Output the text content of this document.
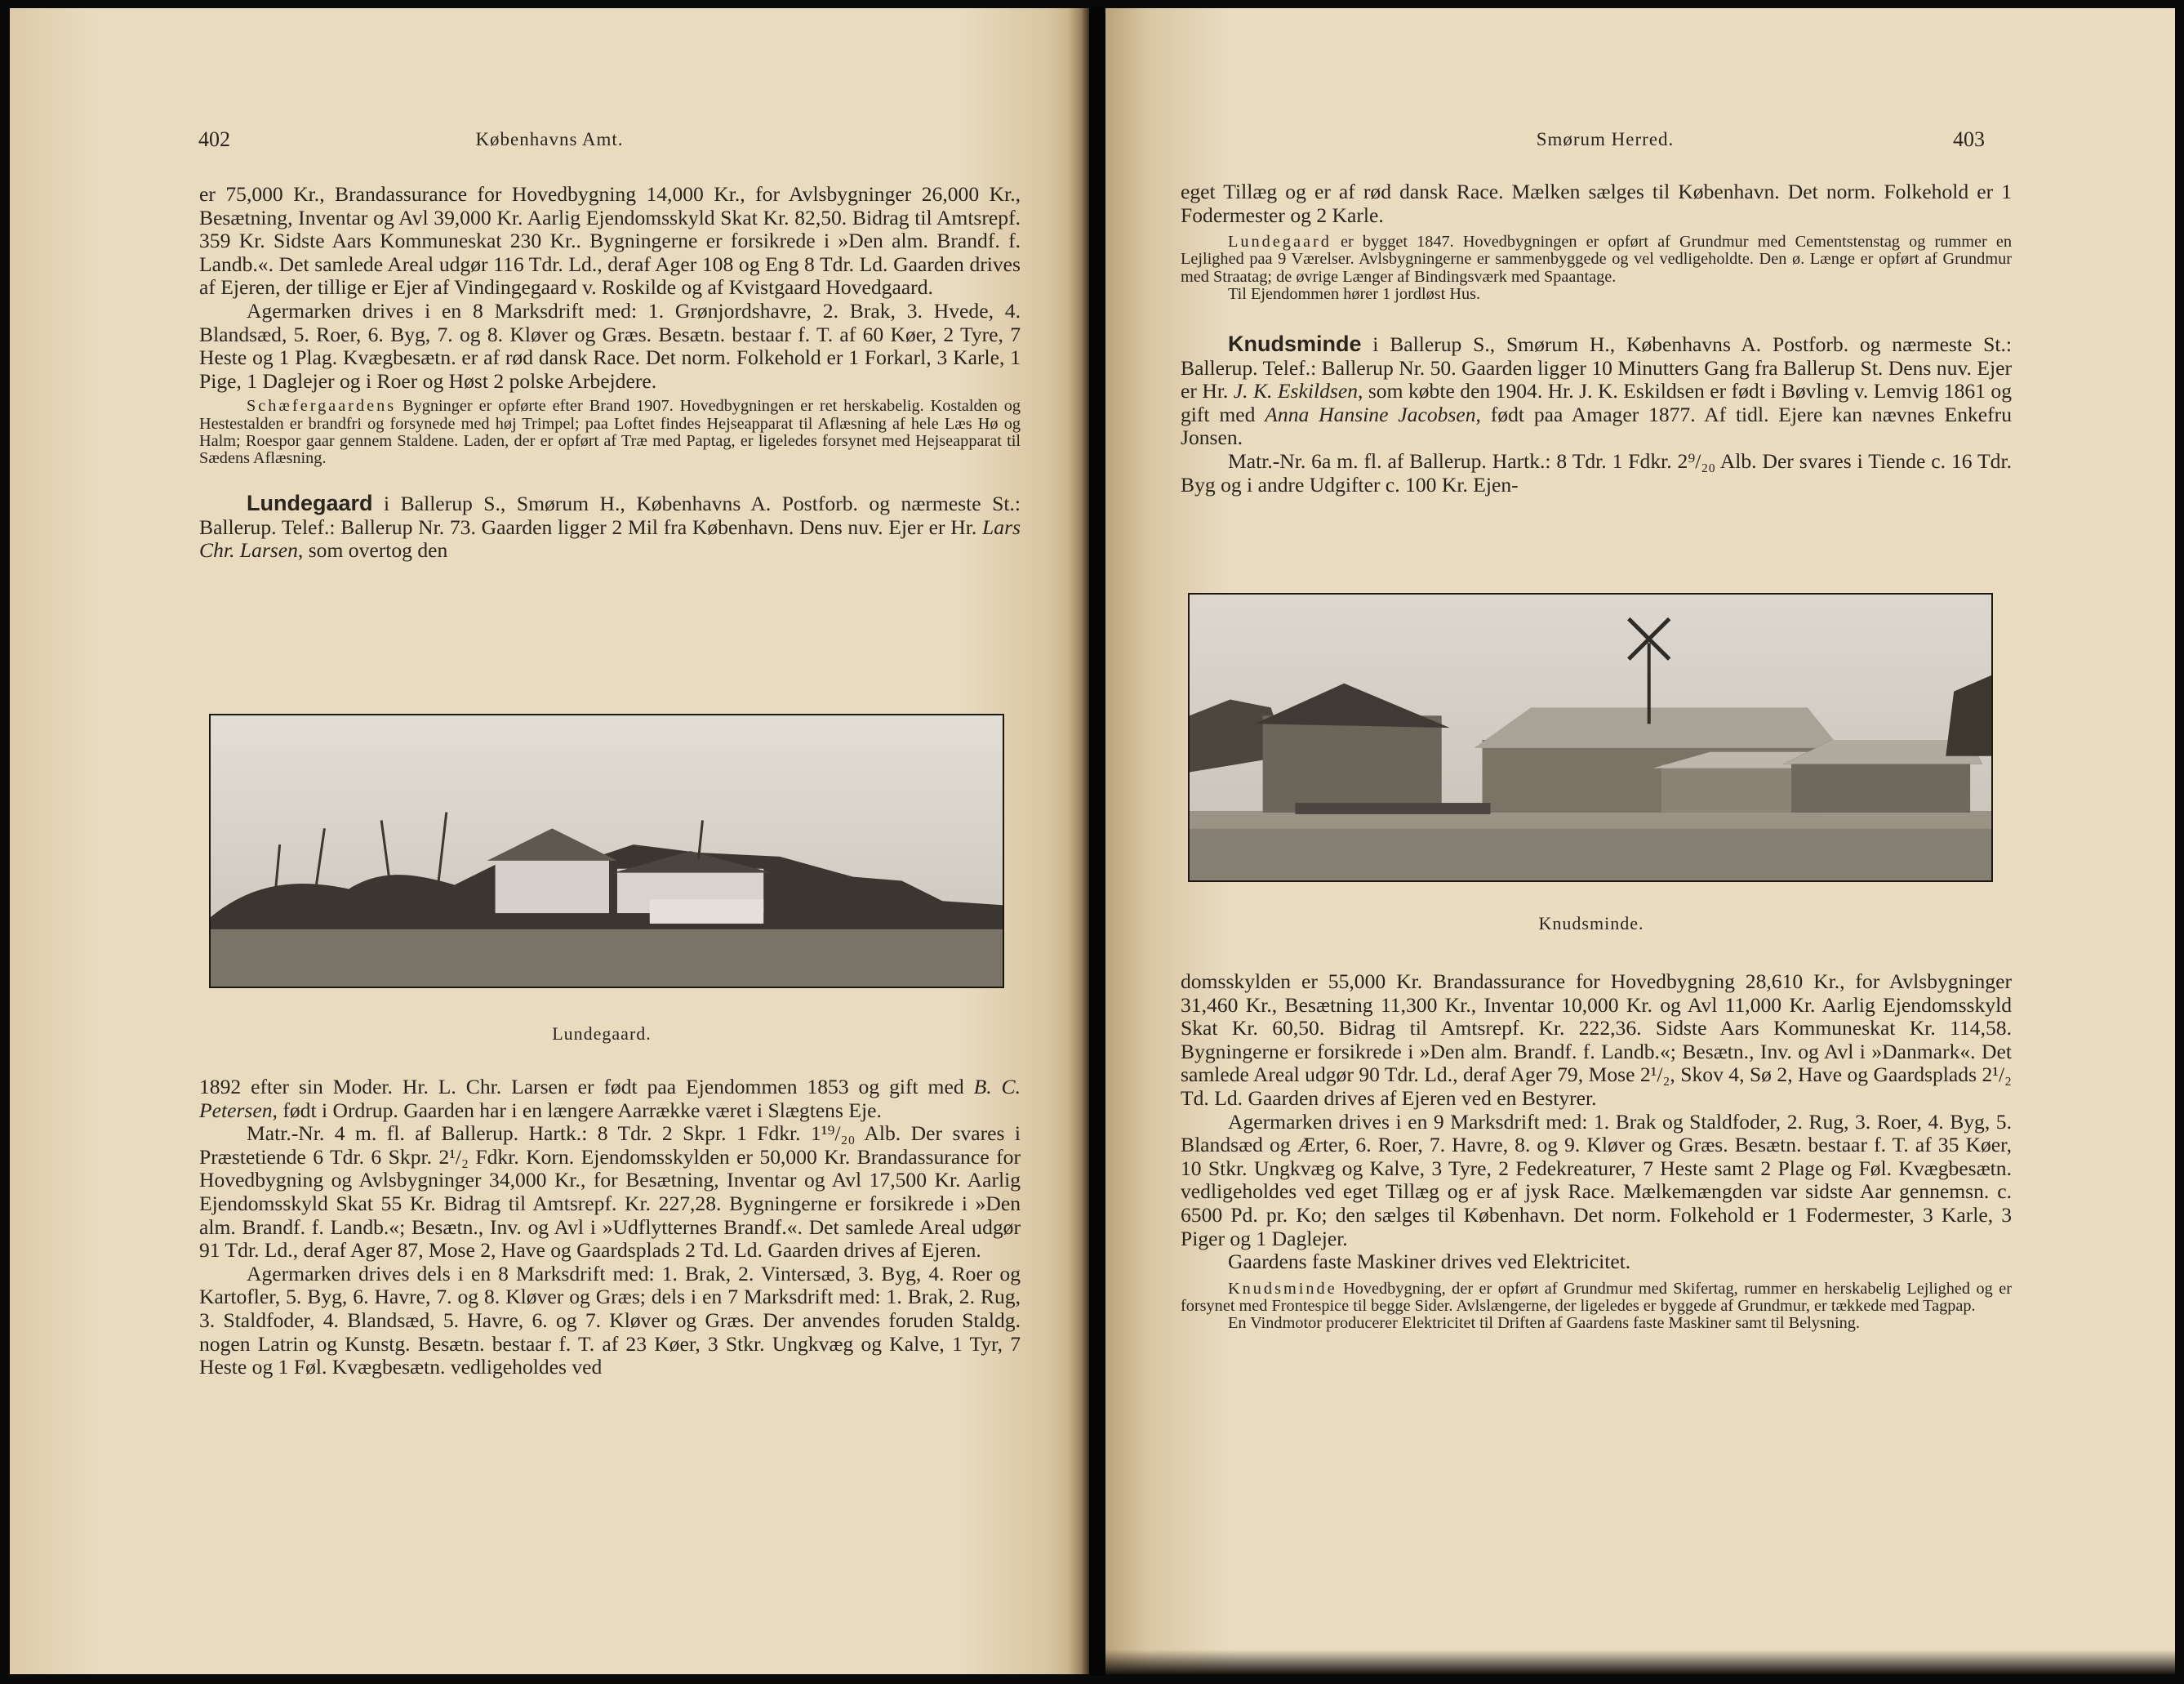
402	Københavns Amt.

er 75,000 Kr., Brandassurance for Hovedbygning 14,000 Kr., for Avlsbygninger 26,000 Kr., Besætning, Inventar og Avl 39,000 Kr. Aarlig Ejendomsskyld Skat Kr. 82,50. Bidrag til Amtsrepf. 359 Kr. Sidste Aars Kommuneskat 230 Kr.. Bygningerne er forsikrede i »Den alm. Brandf. f. Landb.«. Det samlede Areal udgør 116 Tdr. Ld., deraf Ager 108 og Eng 8 Tdr. Ld. Gaarden drives af Ejeren, der tillige er Ejer af Vindingegaard v. Roskilde og af Kvistgaard Hovedgaard.

Agermarken drives i en 8 Marksdrift med: 1. Grønjordshavre, 2. Brak, 3. Hvede, 4. Blandsæd, 5. Roer, 6. Byg, 7. og 8. Kløver og Græs. Besætn. bestaar f. T. af 60 Køer, 2 Tyre, 7 Heste og 1 Plag. Kvægbesætn. er af rød dansk Race. Det norm. Folkehold er 1 Forkarl, 3 Karle, 1 Pige, 1 Daglejer og i Roer og Høst 2 polske Arbejdere.

Schæfergaardens Bygninger er opførte efter Brand 1907. Hovedbygningen er ret herskabelig. Kostalden og Hestestalden er brandfri og forsynede med høj Trimpel; paa Loftet findes Hejseapparat til Aflæsning af hele Læs Hø og Halm; Roespor gaar gennem Staldene. Laden, der er opført af Træ med Paptag, er ligeledes forsynet med Hejseapparat til Sædens Aflæsning.

Lundegaard i Ballerup S., Smørum H., Københavns A. Postforb. og nærmeste St.: Ballerup. Telef.: Ballerup Nr. 73. Gaarden ligger 2 Mil fra København. Dens nuv. Ejer er Hr. Lars Chr. Larsen, som overtog den

Lundegaard.

1892 efter sin Moder. Hr. L. Chr. Larsen er født paa Ejendommen 1853 og gift med B. C. Petersen, født i Ordrup. Gaarden har i en længere Aarrække været i Slægtens Eje.

Matr.-Nr. 4 m. fl. af Ballerup. Hartk.: 8 Tdr. 2 Skpr. 1 Fdkr. 1¹⁹/₂₀ Alb. Der svares i Præstetiende 6 Tdr. 6 Skpr. 2¹/₂ Fdkr. Korn. Ejendomsskylden er 50,000 Kr. Brandassurance for Hovedbygning og Avlsbygninger 34,000 Kr., for Besætning, Inventar og Avl 17,500 Kr. Aarlig Ejendomsskyld Skat 55 Kr. Bidrag til Amtsrepf. Kr. 227,28. Bygningerne er forsikrede i »Den alm. Brandf. f. Landb.«; Besætn., Inv. og Avl i »Udflytternes Brandf.«. Det samlede Areal udgør 91 Tdr. Ld., deraf Ager 87, Mose 2, Have og Gaardsplads 2 Td. Ld. Gaarden drives af Ejeren.

Agermarken drives dels i en 8 Marksdrift med: 1. Brak, 2. Vintersæd, 3. Byg, 4. Roer og Kartofler, 5. Byg, 6. Havre, 7. og 8. Kløver og Græs; dels i en 7 Marksdrift med: 1. Brak, 2. Rug, 3. Staldfoder, 4. Blandsæd, 5. Havre, 6. og 7. Kløver og Græs. Der anvendes foruden Staldg. nogen Latrin og Kunstg. Besætn. bestaar f. T. af 23 Køer, 3 Stkr. Ungkvæg og Kalve, 1 Tyr, 7 Heste og 1 Føl. Kvægbesætn. vedligeholdes ved

Smørum Herred.	403

eget Tillæg og er af rød dansk Race. Mælken sælges til København. Det norm. Folkehold er 1 Fodermester og 2 Karle.

Lundegaard er bygget 1847. Hovedbygningen er opført af Grundmur med Cementstenstag og rummer en Lejlighed paa 9 Værelser. Avlsbygningerne er sammenbyggede og vel vedligeholdte. Den ø. Længe er opført af Grundmur med Straatag; de øvrige Længer af Bindingsværk med Spaantage.

Til Ejendommen hører 1 jordløst Hus.

Knudsminde i Ballerup S., Smørum H., Københavns A. Postforb. og nærmeste St.: Ballerup. Telef.: Ballerup Nr. 50. Gaarden ligger 10 Minutters Gang fra Ballerup St. Dens nuv. Ejer er Hr. J. K. Eskildsen, som købte den 1904. Hr. J. K. Eskildsen er født i Bøvling v. Lemvig 1861 og gift med Anna Hansine Jacobsen, født paa Amager 1877. Af tidl. Ejere kan nævnes Enkefru Jonsen.

Matr.-Nr. 6a m. fl. af Ballerup. Hartk.: 8 Tdr. 1 Fdkr. 2⁹/₂₀ Alb. Der svares i Tiende c. 16 Tdr. Byg og i andre Udgifter c. 100 Kr. Ejen-

Knudsminde.

domsskylden er 55,000 Kr. Brandassurance for Hovedbygning 28,610 Kr., for Avlsbygninger 31,460 Kr., Besætning 11,300 Kr., Inventar 10,000 Kr. og Avl 11,000 Kr. Aarlig Ejendomsskyld Skat Kr. 60,50. Bidrag til Amtsrepf. Kr. 222,36. Sidste Aars Kommuneskat Kr. 114,58. Bygningerne er forsikrede i »Den alm. Brandf. f. Landb.«; Besætn., Inv. og Avl i »Danmark«. Det samlede Areal udgør 90 Tdr. Ld., deraf Ager 79, Mose 2¹/₂, Skov 4, Sø 2, Have og Gaardsplads 2¹/₂ Td. Ld. Gaarden drives af Ejeren ved en Bestyrer.

Agermarken drives i en 9 Marksdrift med: 1. Brak og Staldfoder, 2. Rug, 3. Roer, 4. Byg, 5. Blandsæd og Ærter, 6. Roer, 7. Havre, 8. og 9. Kløver og Græs. Besætn. bestaar f. T. af 35 Køer, 10 Stkr. Ungkvæg og Kalve, 3 Tyre, 2 Fedekreaturer, 7 Heste samt 2 Plage og Føl. Kvægbesætn. vedligeholdes ved eget Tillæg og er af jysk Race. Mælkemængden var sidste Aar gennemsn. c. 6500 Pd. pr. Ko; den sælges til København. Det norm. Folkehold er 1 Fodermester, 3 Karle, 3 Piger og 1 Daglejer.

Gaardens faste Maskiner drives ved Elektricitet.

Knudsminde Hovedbygning, der er opført af Grundmur med Skifertag, rummer en herskabelig Lejlighed og er forsynet med Frontespice til begge Sider. Avlslængerne, der ligeledes er byggede af Grundmur, er tækkede med Tagpap.

En Vindmotor producerer Elektricitet til Driften af Gaardens faste Maskiner samt til Belysning.
